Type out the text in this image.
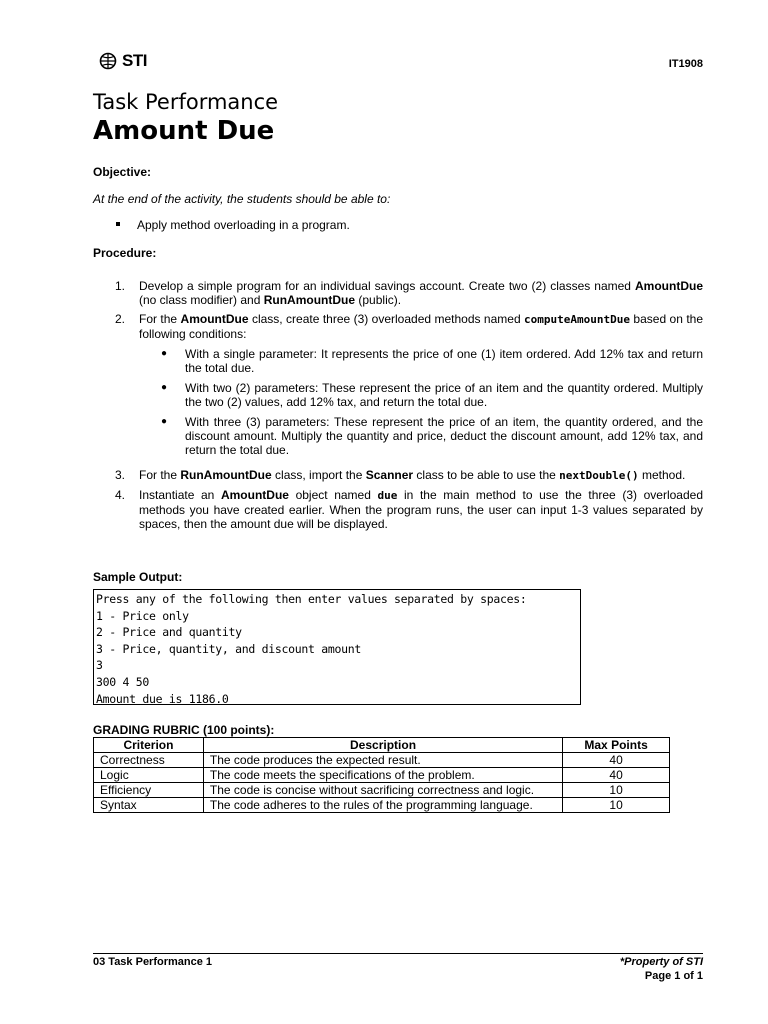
STI	IT1908
Task Performance
Amount Due
Objective:
At the end of the activity, the students should be able to:
Apply method overloading in a program.
Procedure:
1.	Develop a simple program for an individual savings account. Create two (2) classes named AmountDue (no class modifier) and RunAmountDue (public).
2.	For the AmountDue class, create three (3) overloaded methods named computeAmountDue based on the following conditions:
●	With a single parameter: It represents the price of one (1) item ordered. Add 12% tax and return the total due.
●	With two (2) parameters: These represent the price of an item and the quantity ordered. Multiply the two (2) values, add 12% tax, and return the total due.
●	With three (3) parameters: These represent the price of an item, the quantity ordered, and the discount amount. Multiply the quantity and price, deduct the discount amount, add 12% tax, and return the total due.
3.	For the RunAmountDue class, import the Scanner class to be able to use the nextDouble() method.
4.	Instantiate an AmountDue object named due in the main method to use the three (3) overloaded methods you have created earlier. When the program runs, the user can input 1-3 values separated by spaces, then the amount due will be displayed.
Sample Output:
Press any of the following then enter values separated by spaces:
1 - Price only
2 - Price and quantity
3 - Price, quantity, and discount amount
3
300 4 50
Amount due is 1186.0
GRADING RUBRIC (100 points):
Criterion	Description	Max Points
Correctness	The code produces the expected result.	40
Logic	The code meets the specifications of the problem.	40
Efficiency	The code is concise without sacrificing correctness and logic.	10
Syntax	The code adheres to the rules of the programming language.	10
03 Task Performance 1	*Property of STI
Page 1 of 1
